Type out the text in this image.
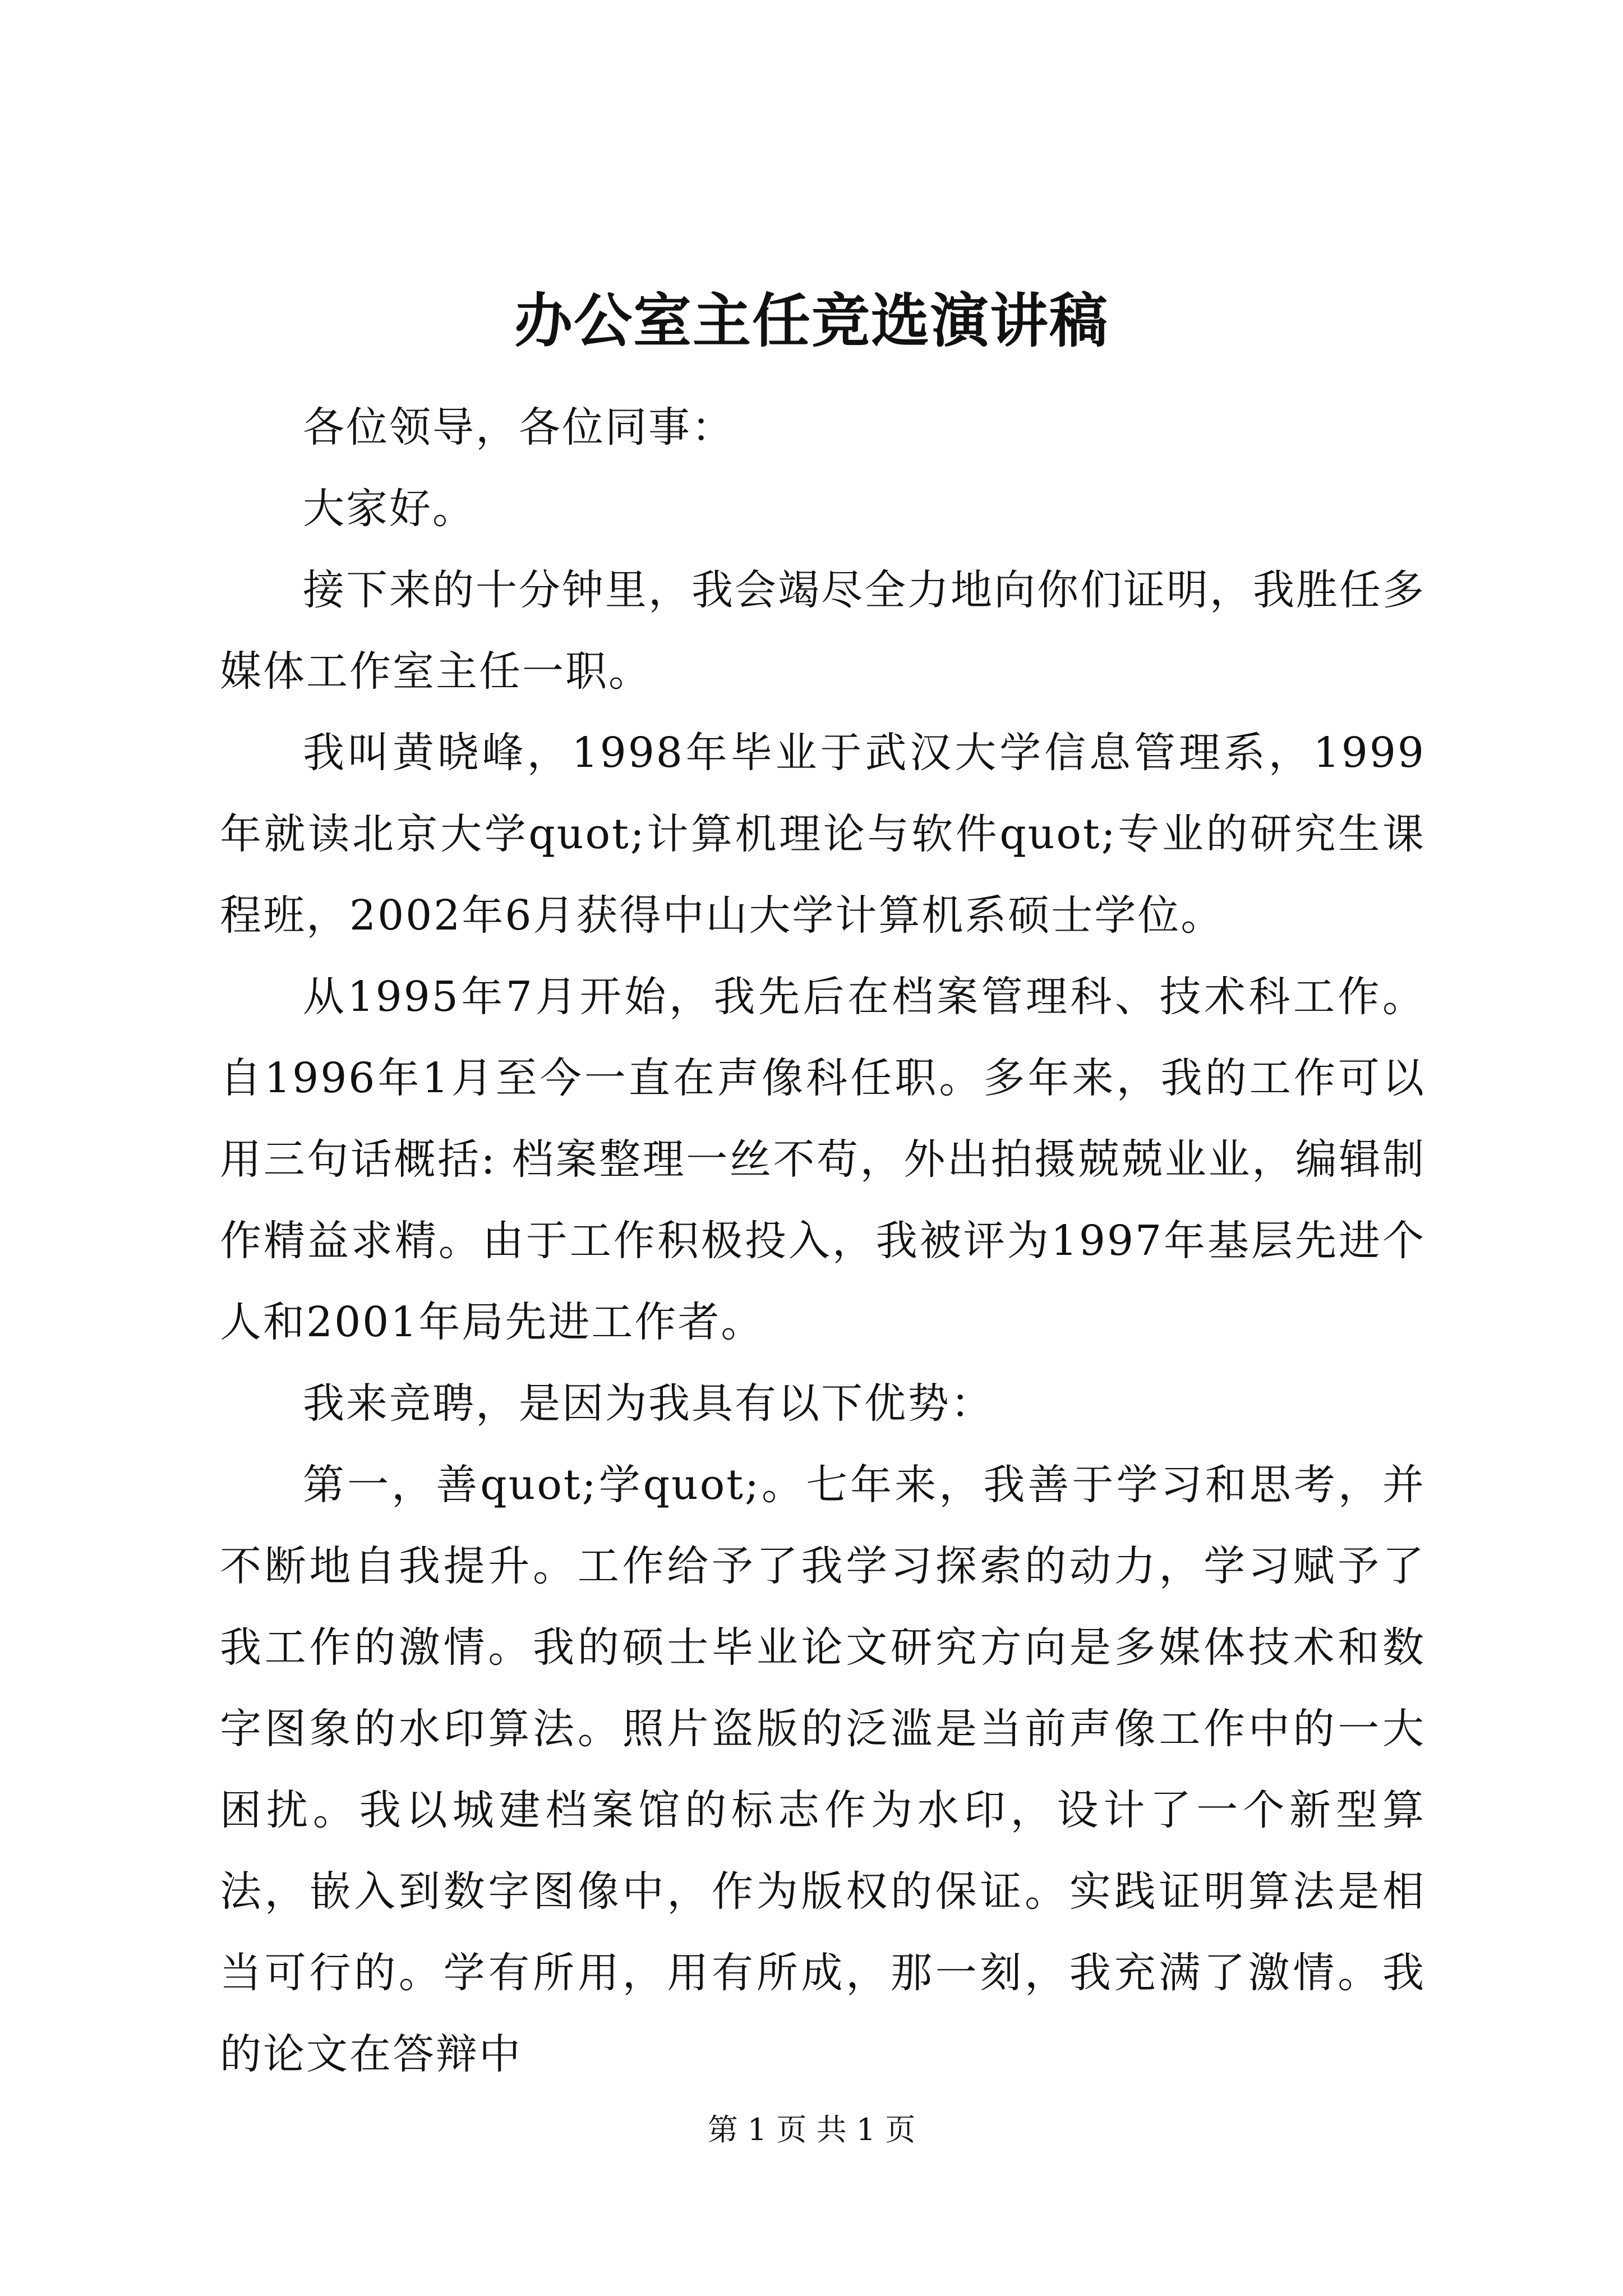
办公室主任竞选演讲稿

各位领导，各位同事：

大家好。

接下来的十分钟里，我会竭尽全力地向你们证明，我胜任多媒体工作室主任一职。

我叫黄晓峰，1998年毕业于武汉大学信息管理系，1999年就读北京大学quot;计算机理论与软件quot;专业的研究生课程班，2002年6月获得中山大学计算机系硕士学位。

从1995年7月开始，我先后在档案管理科、技术科工作。自1996年1月至今一直在声像科任职。多年来，我的工作可以用三句话概括: 档案整理一丝不苟，外出拍摄兢兢业业，编辑制作精益求精。由于工作积极投入，我被评为1997年基层先进个人和2001年局先进工作者。

我来竞聘，是因为我具有以下优势：

第一，善quot;学quot;。七年来，我善于学习和思考，并不断地自我提升。工作给予了我学习探索的动力，学习赋予了我工作的激情。我的硕士毕业论文研究方向是多媒体技术和数字图象的水印算法。照片盗版的泛滥是当前声像工作中的一大困扰。我以城建档案馆的标志作为水印，设计了一个新型算法，嵌入到数字图像中，作为版权的保证。实践证明算法是相当可行的。学有所用，用有所成，那一刻，我充满了激情。我的论文在答辩中

第 1 页 共 1 页
